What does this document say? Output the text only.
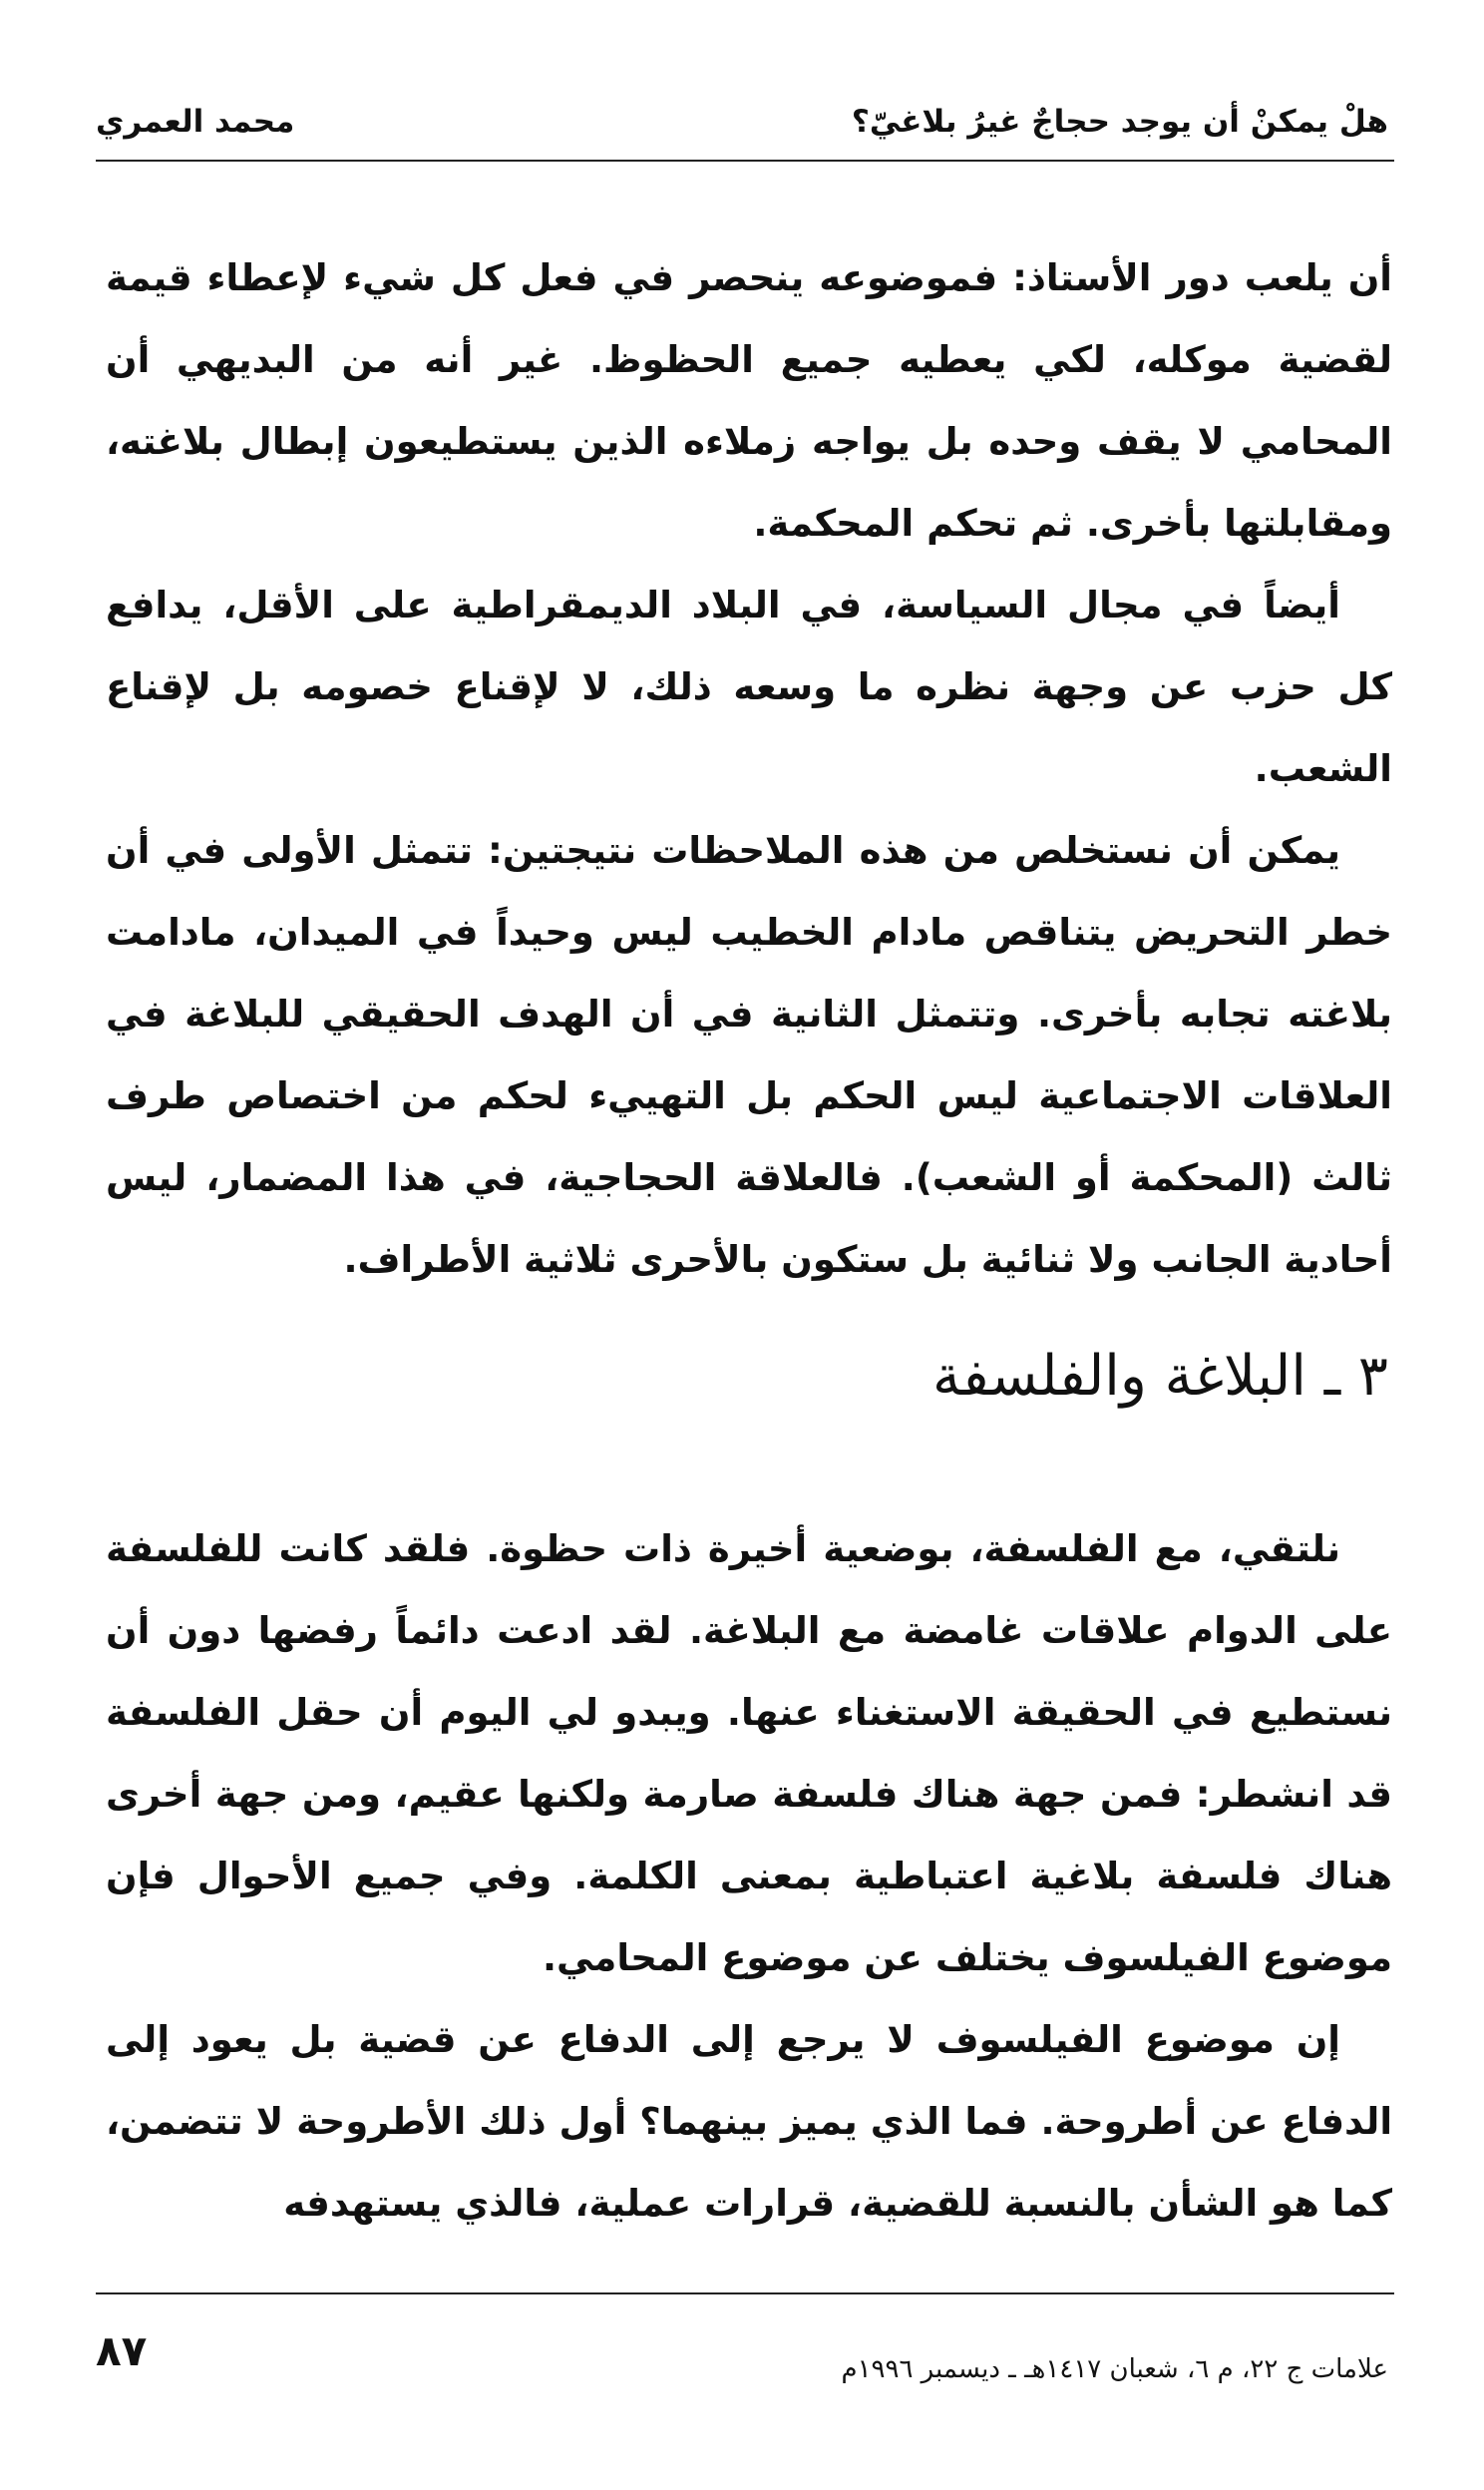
هلْ يمكنْ أن يوجد حجاجٌ غيرُ بلاغيّ؟
محمد العمري

أن يلعب دور الأستاذ: فموضوعه ينحصر في فعل كل شيء لإعطاء قيمة لقضية موكله، لكي يعطيه جميع الحظوظ. غير أنه من البديهي أن المحامي لا يقف وحده بل يواجه زملاءه الذين يستطيعون إبطال بلاغته، ومقابلتها بأخرى. ثم تحكم المحكمة.

أيضاً في مجال السياسة، في البلاد الديمقراطية على الأقل، يدافع كل حزب عن وجهة نظره ما وسعه ذلك، لا لإقناع خصومه بل لإقناع الشعب.

يمكن أن نستخلص من هذه الملاحظات نتيجتين: تتمثل الأولى في أن خطر التحريض يتناقص مادام الخطيب ليس وحيداً في الميدان، مادامت بلاغته تجابه بأخرى. وتتمثل الثانية في أن الهدف الحقيقي للبلاغة في العلاقات الاجتماعية ليس الحكم بل التهييء لحكم من اختصاص طرف ثالث (المحكمة أو الشعب). فالعلاقة الحجاجية، في هذا المضمار، ليس أحادية الجانب ولا ثنائية بل ستكون بالأحرى ثلاثية الأطراف.

٣ ـ البلاغة والفلسفة

نلتقي، مع الفلسفة، بوضعية أخيرة ذات حظوة. فلقد كانت للفلسفة على الدوام علاقات غامضة مع البلاغة. لقد ادعت دائماً رفضها دون أن نستطيع في الحقيقة الاستغناء عنها. ويبدو لي اليوم أن حقل الفلسفة قد انشطر: فمن جهة هناك فلسفة صارمة ولكنها عقيم، ومن جهة أخرى هناك فلسفة بلاغية اعتباطية بمعنى الكلمة. وفي جميع الأحوال فإن موضوع الفيلسوف يختلف عن موضوع المحامي.

إن موضوع الفيلسوف لا يرجع إلى الدفاع عن قضية بل يعود إلى الدفاع عن أطروحة. فما الذي يميز بينهما؟ أول ذلك الأطروحة لا تتضمن، كما هو الشأن بالنسبة للقضية، قرارات عملية، فالذي يستهدفه

٨٧	علامات ج ٢٢، م ٦، شعبان ١٤١٧هـ ـ ديسمبر ١٩٩٦م
